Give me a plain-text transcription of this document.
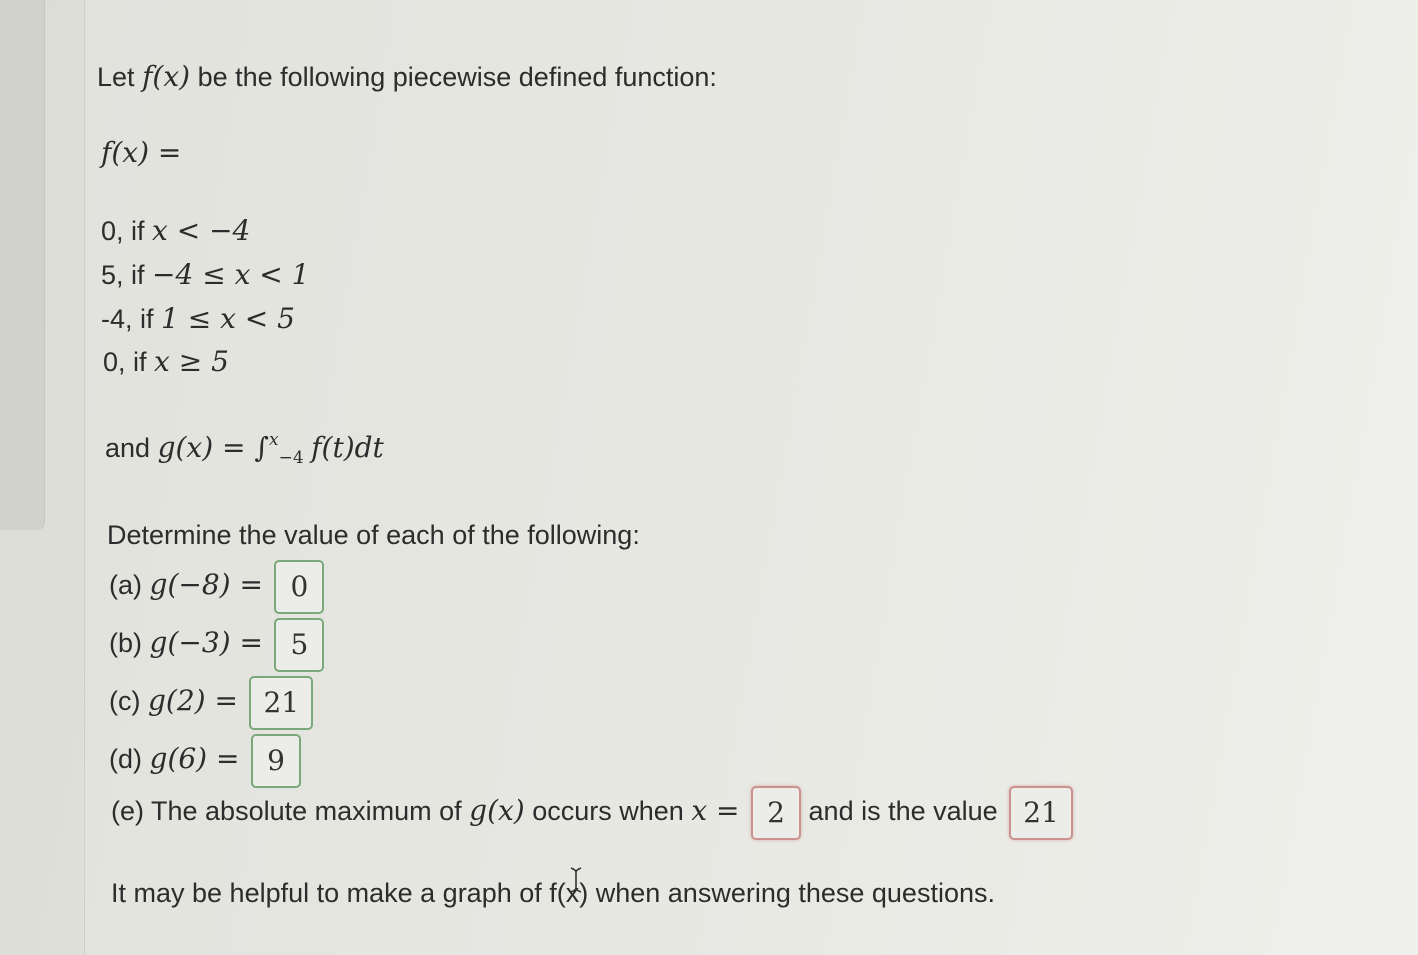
Let f(x) be the following piecewise defined function:
f(x) =
0, if x < −4
5, if −4 ≤ x < 1
-4, if 1 ≤ x < 5
0, if x ≥ 5
and g(x) = ∫$^x_{-4}$ f(t)dt
Determine the value of each of the following:
(a) g(−8) = 0
(b) g(−3) = 5
(c) g(2) = 21
(d) g(6) = 9
(e) The absolute maximum of g(x) occurs when x = 2 and is the value 21
It may be helpful to make a graph of f(x) when answering these questions.
